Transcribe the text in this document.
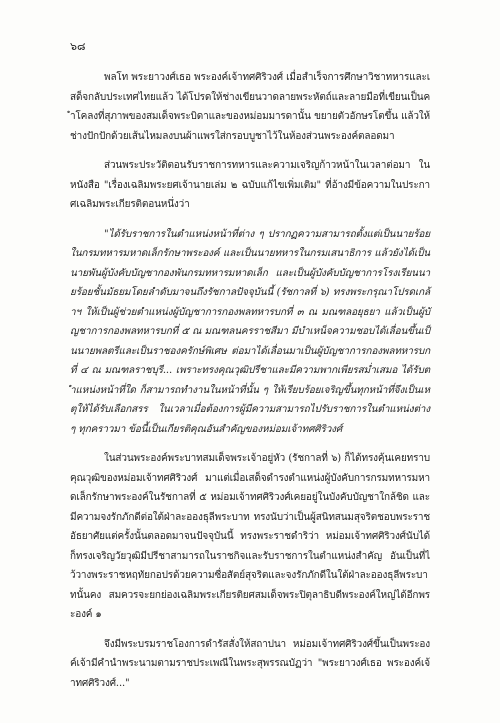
๖๘

พลโท พระยาวงศ์เธอ พระองค์เจ้าทศศิริวงศ์ เมื่อสำเร็จการศึกษาวิชาทหารและเสด็จกลับประเทศไทยแล้ว ได้โปรดให้ช่างเขียนวาดลายพระหัตถ์และลายมือที่เขียนเป็นคำโคลงที่สุภาพของสมเด็จพระบิดาและของหม่อมมารดานั้น ขยายตัวอักษรโตขึ้น แล้วให้ช่างปักปักด้วยเส้นไหมลงบนผ้าแพรใส่กรอบบูชาไว้ในห้องส่วนพระองค์ตลอดมา

ส่วนพระประวัติตอนรับราชการทหารและความเจริญก้าวหน้าในเวลาต่อมา ในหนังสือ "เรื่องเฉลิมพระยศเจ้านายเล่ม ๒ ฉบับแก้ไขเพิ่มเติม" ที่อ้างมีข้อความในประกาศเฉลิมพระเกียรติตอนหนึ่งว่า

"ได้รับราชการในตำแหน่งหน้าที่ต่าง ๆ ปรากฏความสามารถตั้งแต่เป็นนายร้อยในกรมทหารมหาดเล็กรักษาพระองค์ และเป็นนายทหารในกรมเสนาธิการ แล้วยังได้เป็นนายพันผู้บังคับบัญชากองพันกรมทหารมหาดเล็ก และเป็นผู้บังคับบัญชาการโรงเรียนนายร้อยชั้นมัธยมโดยลำดับมาจนถึงรัชกาลปัจจุบันนี้ (รัชกาลที่ ๖) ทรงพระกรุณาโปรดเกล้าฯ ให้เป็นผู้ช่วยตำแหน่งผู้บัญชาการกองพลทหารบกที่ ๓ ณ มณฑลอยุธยา แล้วเป็นผู้บัญชาการกองพลทหารบกที่ ๕ ณ มณฑลนครราชสีมา มีบำเหน็จความชอบได้เลื่อนขึ้นเป็นนายพลตรีและเป็นราชองครักษ์พิเศษ ต่อมาได้เลื่อนมาเป็นผู้บัญชาการกองพลทหารบกที่ ๔ ณ มณฑลราชบุรี... เพราะทรงคุณวุฒิปรีชาและมีความพากเพียรสม่ำเสมอ ได้รับตำแหน่งหน้าที่ใด ก็สามารถทำงานในหน้าที่นั้น ๆ ให้เรียบร้อยเจริญขึ้นทุกหน้าที่จึงเป็นเหตุให้ได้รับเลือกสรร ในเวลาเมื่อต้องการผู้มีความสามารถไปรับราชการในตำแหน่งต่าง ๆ ทุกคราวมา ข้อนี้เป็นเกียรติคุณอันสำคัญของหม่อมเจ้าทศศิริวงศ์

ในส่วนพระองค์พระบาทสมเด็จพระเจ้าอยู่หัว (รัชกาลที่ ๖) ก็ได้ทรงคุ้นเคยทราบคุณวุฒิของหม่อมเจ้าทศศิริวงศ์ มาแต่เมื่อเสด็จดำรงตำแหน่งผู้บังคับการกรมทหารมหาดเล็กรักษาพระองค์ในรัชกาลที่ ๕ หม่อมเจ้าทศศิริวงศ์เคยอยู่ในบังคับบัญชาใกล้ชิด และมีความจงรักภักดีต่อใต้ฝ่าละอองธุลีพระบาท ทรงนับว่าเป็นผู้สนิทสนมสุจริตชอบพระราชอัธยาศัยแต่ครั้งนั้นตลอดมาจนปัจจุบันนี้ ทรงพระราชดำริว่า หม่อมเจ้าทศศิริวงศ์นับได้ ก็ทรงเจริญวัยวุฒิมีปรีชาสามารถในราชกิจและรับราชการในตำแหน่งสำคัญ อันเป็นที่ไว้วางพระราชหฤทัยกอปรด้วยความซื่อสัตย์สุจริตและจงรักภักดีในใต้ฝ่าละอองธุลีพระบาทนั้นคง สมควรจะยกย่องเฉลิมพระเกียรติยศสมเด็จพระปิตุลาธิบดีพระองค์ใหญ่ได้อีกพระองค์ ๑

จึงมีพระบรมราชโองการดำรัสสั่งให้สถาปนา หม่อมเจ้าทศศิริวงศ์ขึ้นเป็นพระองค์เจ้ามีคำนำพระนามตามราชประเพณีในพระสุพรรณบัฏว่า "พระยาวงศ์เธอ พระองค์เจ้าทศศิริวงศ์..."
